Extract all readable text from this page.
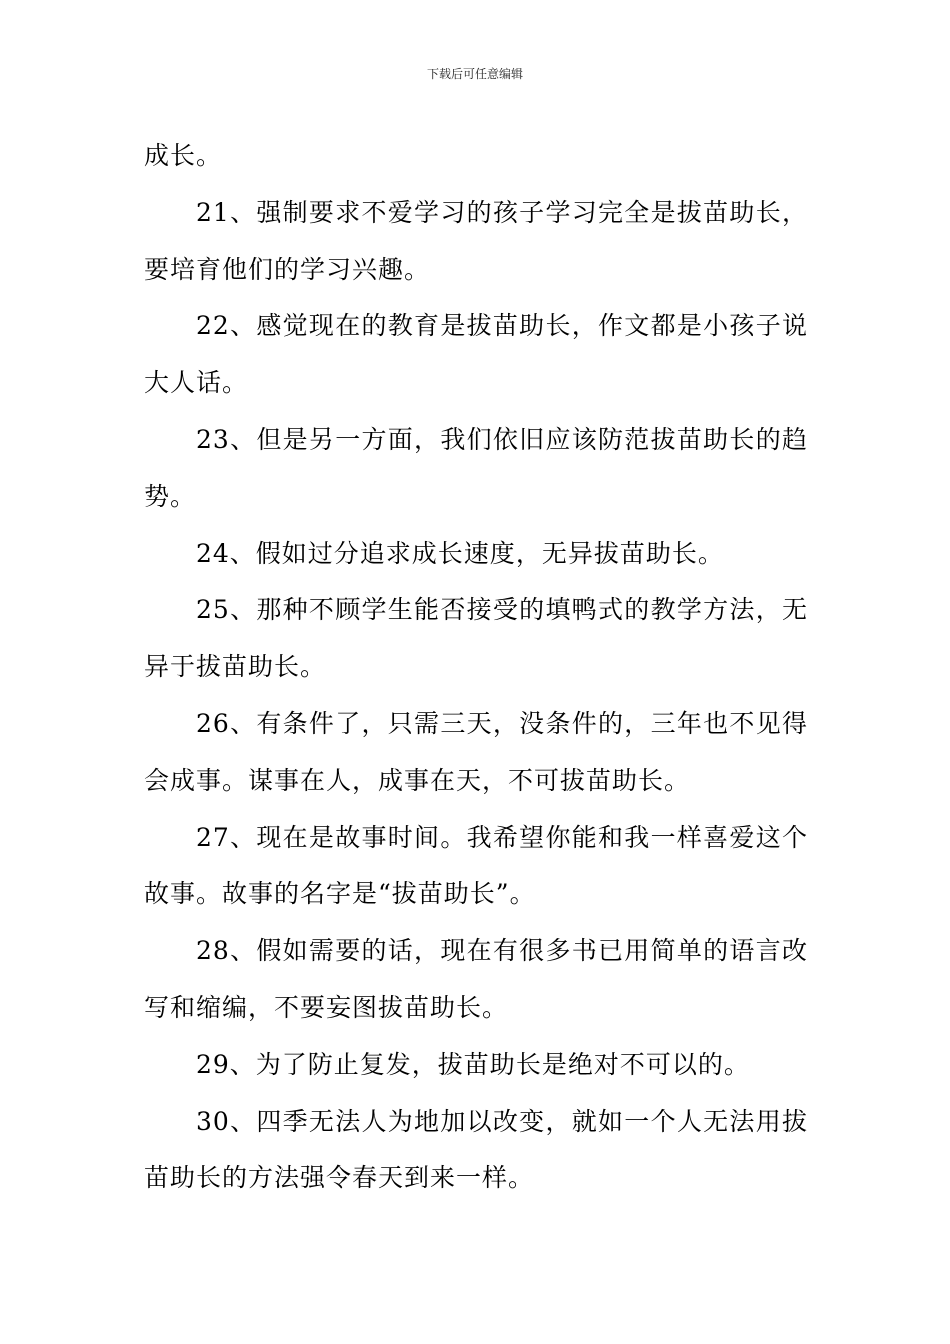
下载后可任意编辑

成长。

21、强制要求不爱学习的孩子学习完全是拔苗助长，要培育他们的学习兴趣。

22、感觉现在的教育是拔苗助长，作文都是小孩子说大人话。

23、但是另一方面，我们依旧应该防范拔苗助长的趋势。

24、假如过分追求成长速度，无异拔苗助长。

25、那种不顾学生能否接受的填鸭式的教学方法，无异于拔苗助长。

26、有条件了，只需三天，没条件的，三年也不见得会成事。谋事在人，成事在天，不可拔苗助长。

27、现在是故事时间。我希望你能和我一样喜爱这个故事。故事的名字是“拔苗助长”。

28、假如需要的话，现在有很多书已用简单的语言改写和缩编，不要妄图拔苗助长。

29、为了防止复发，拔苗助长是绝对不可以的。

30、四季无法人为地加以改变，就如一个人无法用拔苗助长的方法强令春天到来一样。
